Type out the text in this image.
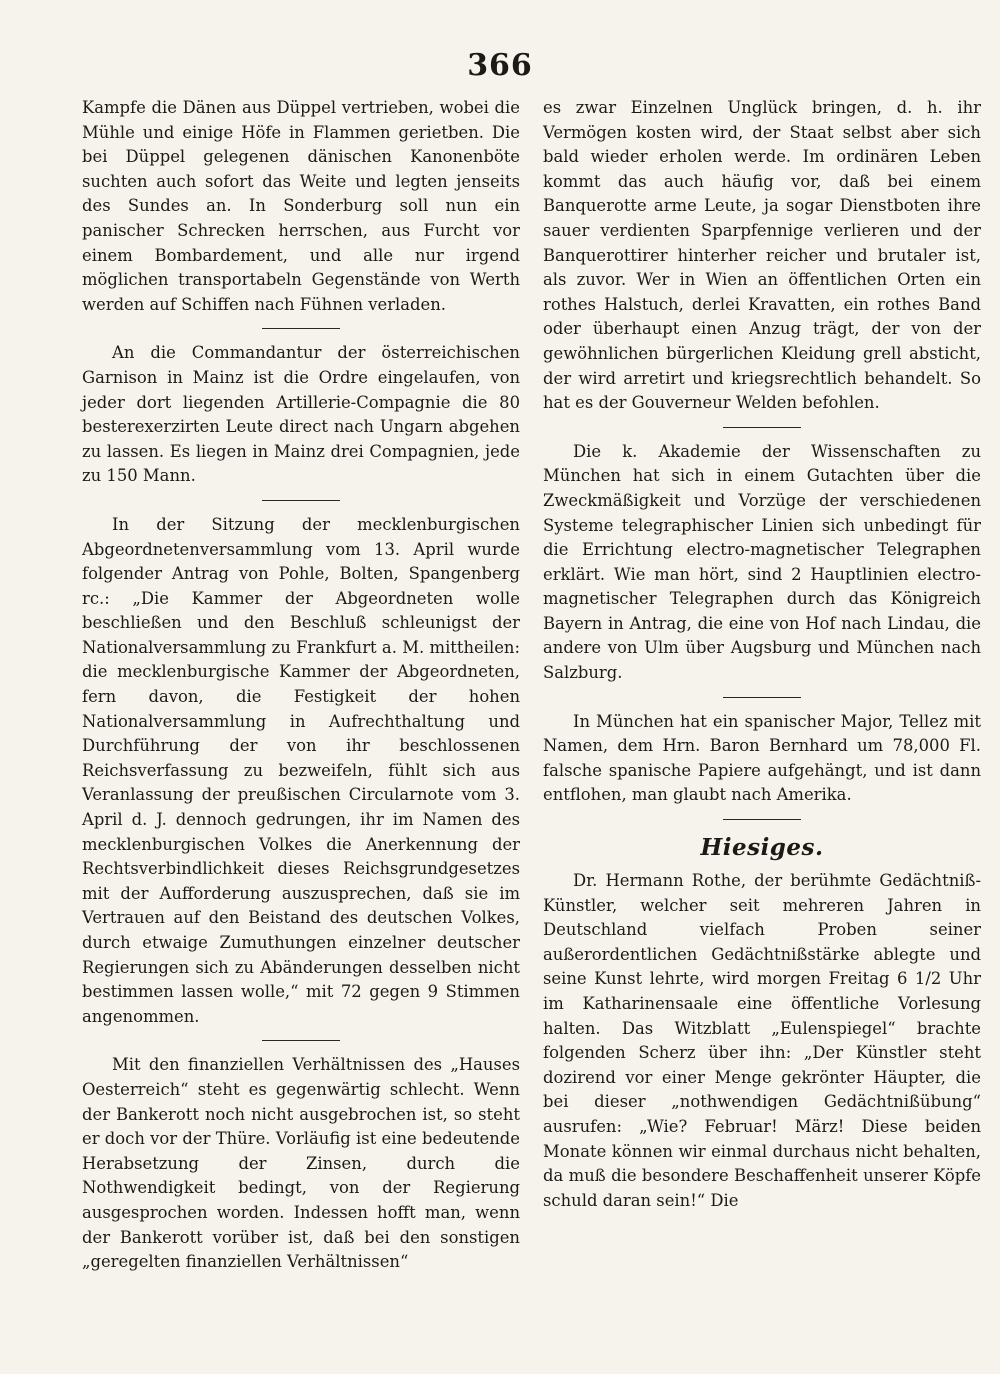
366

Kampfe die Dänen aus Düppel vertrieben, wobei die Mühle und einige Höfe in Flammen gerietben. Die bei Düppel gelegenen dänischen Kanonenböte suchten auch sofort das Weite und legten jenseits des Sundes an. In Sonderburg soll nun ein panischer Schrecken herrschen, aus Furcht vor einem Bombardement, und alle nur irgend möglichen transportabeln Gegenstände von Werth werden auf Schiffen nach Fühnen verladen.

An die Commandantur der österreichischen Garnison in Mainz ist die Ordre eingelaufen, von jeder dort liegenden Artillerie-Compagnie die 80 besterexerzirten Leute direct nach Ungarn abgehen zu lassen. Es liegen in Mainz drei Compagnien, jede zu 150 Mann.

In der Sitzung der mecklenburgischen Abgeordnetenversammlung vom 13. April wurde folgender Antrag von Pohle, Bolten, Spangenberg rc.: „Die Kammer der Abgeordneten wolle beschließen und den Beschluß schleunigst der Nationalversammlung zu Frankfurt a. M. mittheilen: die mecklenburgische Kammer der Abgeordneten, fern davon, die Festigkeit der hohen Nationalversammlung in Aufrechthaltung und Durchführung der von ihr beschlossenen Reichsverfassung zu bezweifeln, fühlt sich aus Veranlassung der preußischen Circularnote vom 3. April d. J. dennoch gedrungen, ihr im Namen des mecklenburgischen Volkes die Anerkennung der Rechtsverbindlichkeit dieses Reichsgrundgesetzes mit der Aufforderung auszusprechen, daß sie im Vertrauen auf den Beistand des deutschen Volkes, durch etwaige Zumuthungen einzelner deutscher Regierungen sich zu Abänderungen desselben nicht bestimmen lassen wolle,“ mit 72 gegen 9 Stimmen angenommen.

Mit den finanziellen Verhältnissen des „Hauses Oesterreich“ steht es gegenwärtig schlecht. Wenn der Bankerott noch nicht ausgebrochen ist, so steht er doch vor der Thüre. Vorläufig ist eine bedeutende Herabsetzung der Zinsen, durch die Nothwendigkeit bedingt, von der Regierung ausgesprochen worden. Indessen hofft man, wenn der Bankerott vorüber ist, daß bei den sonstigen „geregelten finanziellen Verhältnissen“

es zwar Einzelnen Unglück bringen, d. h. ihr Vermögen kosten wird, der Staat selbst aber sich bald wieder erholen werde. Im ordinären Leben kommt das auch häufig vor, daß bei einem Banquerotte arme Leute, ja sogar Dienstboten ihre sauer verdienten Sparpfennige verlieren und der Banquerottirer hinterher reicher und brutaler ist, als zuvor. Wer in Wien an öffentlichen Orten ein rothes Halstuch, derlei Kravatten, ein rothes Band oder überhaupt einen Anzug trägt, der von der gewöhnlichen bürgerlichen Kleidung grell absticht, der wird arretirt und kriegsrechtlich behandelt. So hat es der Gouverneur Welden befohlen.

Die k. Akademie der Wissenschaften zu München hat sich in einem Gutachten über die Zweckmäßigkeit und Vorzüge der verschiedenen Systeme telegraphischer Linien sich unbedingt für die Errichtung electro-magnetischer Telegraphen erklärt. Wie man hört, sind 2 Hauptlinien electro-magnetischer Telegraphen durch das Königreich Bayern in Antrag, die eine von Hof nach Lindau, die andere von Ulm über Augsburg und München nach Salzburg.

In München hat ein spanischer Major, Tellez mit Namen, dem Hrn. Baron Bernhard um 78,000 Fl. falsche spanische Papiere aufgehängt, und ist dann entflohen, man glaubt nach Amerika.

Hiesiges.

Dr. Hermann Rothe, der berühmte Gedächtniß-Künstler, welcher seit mehreren Jahren in Deutschland vielfach Proben seiner außerordentlichen Gedächtnißstärke ablegte und seine Kunst lehrte, wird morgen Freitag 6 1/2 Uhr im Katharinensaale eine öffentliche Vorlesung halten. Das Witzblatt „Eulenspiegel“ brachte folgenden Scherz über ihn: „Der Künstler steht dozirend vor einer Menge gekrönter Häupter, die bei dieser „nothwendigen Gedächtnißübung“ ausrufen: „Wie? Februar! März! Diese beiden Monate können wir einmal durchaus nicht behalten, da muß die besondere Beschaffenheit unserer Köpfe schuld daran sein!“ Die
